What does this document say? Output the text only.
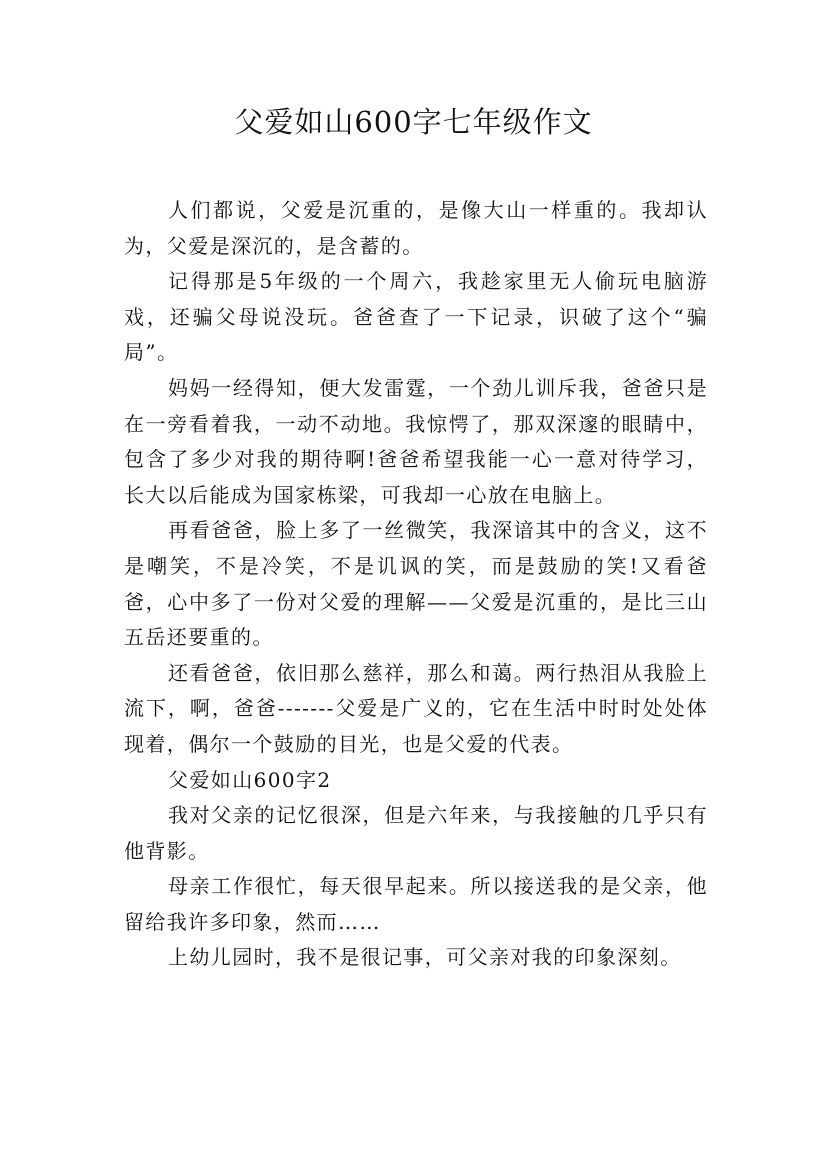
父爱如山600字七年级作文

人们都说，父爱是沉重的，是像大山一样重的。我却认为，父爱是深沉的，是含蓄的。

记得那是5年级的一个周六，我趁家里无人偷玩电脑游戏，还骗父母说没玩。爸爸查了一下记录，识破了这个“骗局”。

妈妈一经得知，便大发雷霆，一个劲儿训斥我，爸爸只是在一旁看着我，一动不动地。我惊愕了，那双深邃的眼睛中，包含了多少对我的期待啊!爸爸希望我能一心一意对待学习，长大以后能成为国家栋梁，可我却一心放在电脑上。

再看爸爸，脸上多了一丝微笑，我深谙其中的含义，这不是嘲笑，不是冷笑，不是讥讽的笑，而是鼓励的笑!又看爸爸，心中多了一份对父爱的理解——父爱是沉重的，是比三山五岳还要重的。

还看爸爸，依旧那么慈祥，那么和蔼。两行热泪从我脸上流下，啊，爸爸-------父爱是广义的，它在生活中时时处处体现着，偶尔一个鼓励的目光，也是父爱的代表。

父爱如山600字2

我对父亲的记忆很深，但是六年来，与我接触的几乎只有他背影。

母亲工作很忙，每天很早起来。所以接送我的是父亲，他留给我许多印象，然而……

上幼儿园时，我不是很记事，可父亲对我的印象深刻。
